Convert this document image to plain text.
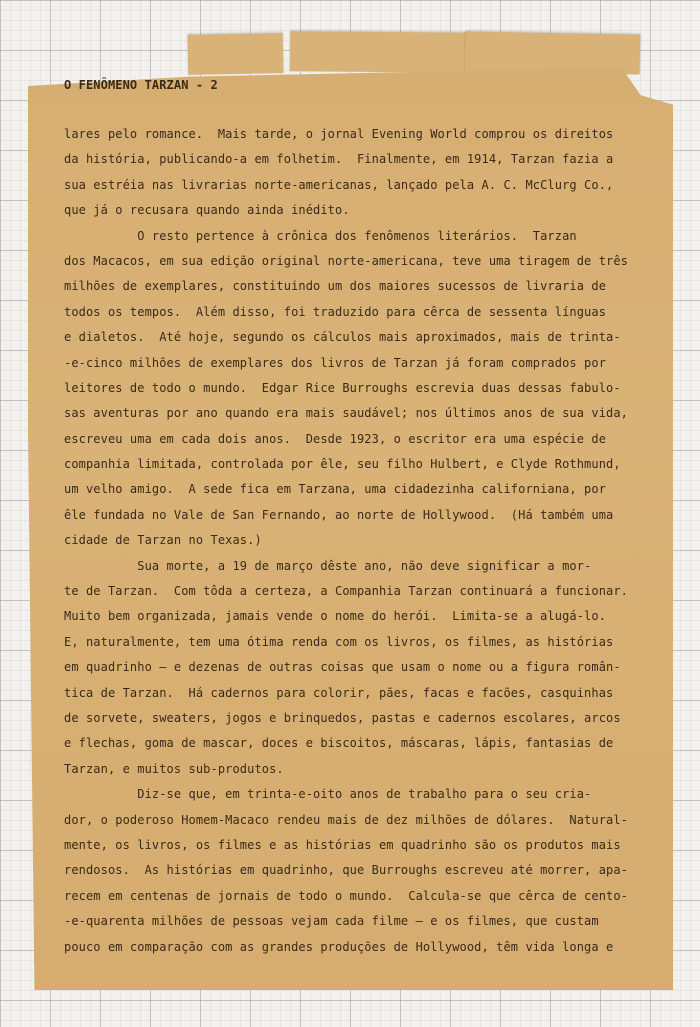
O FENÔMENO TARZAN - 2
lares pelo romance.  Mais tarde, o jornal Evening World comprou os direitos
da história, publicando-a em folhetim.  Finalmente, em 1914, Tarzan fazia a
sua estréia nas livrarias norte-americanas, lançado pela A. C. McClurg Co.,
que já o recusara quando ainda inédito.
O resto pertence à crônica dos fenômenos literários.  Tarzan
dos Macacos, em sua edição original norte-americana, teve uma tiragem de três
milhões de exemplares, constituindo um dos maiores sucessos de livraria de
todos os tempos.  Além disso, foi traduzido para cêrca de sessenta línguas
e dialetos.  Até hoje, segundo os cálculos mais aproximados, mais de trinta-
-e-cinco milhões de exemplares dos livros de Tarzan já foram comprados por
leitores de todo o mundo.  Edgar Rice Burroughs escrevia duas dessas fabulo-
sas aventuras por ano quando era mais saudável; nos últimos anos de sua vida,
escreveu uma em cada dois anos.  Desde 1923, o escritor era uma espécie de
companhia limitada, controlada por êle, seu filho Hulbert, e Clyde Rothmund,
um velho amigo.  A sede fica em Tarzana, uma cidadezinha californiana, por
êle fundada no Vale de San Fernando, ao norte de Hollywood.  (Há também uma
cidade de Tarzan no Texas.)
Sua morte, a 19 de março dêste ano, não deve significar a mor-
te de Tarzan.  Com tôda a certeza, a Companhia Tarzan continuará a funcionar.
Muito bem organizada, jamais vende o nome do herói.  Limita-se a alugá-lo.
E, naturalmente, tem uma ótima renda com os livros, os filmes, as histórias
em quadrinho — e dezenas de outras coisas que usam o nome ou a figura român-
tica de Tarzan.  Há cadernos para colorir, pães, facas e facões, casquinhas
de sorvete, sweaters, jogos e brinquedos, pastas e cadernos escolares, arcos
e flechas, goma de mascar, doces e biscoitos, máscaras, lápis, fantasias de
Tarzan, e muitos sub-produtos.
Diz-se que, em trinta-e-oito anos de trabalho para o seu cria-
dor, o poderoso Homem-Macaco rendeu mais de dez milhões de dólares.  Natural-
mente, os livros, os filmes e as histórias em quadrinho são os produtos mais
rendosos.  As histórias em quadrinho, que Burroughs escreveu até morrer, apa-
recem em centenas de jornais de todo o mundo.  Calcula-se que cêrca de cento-
-e-quarenta milhões de pessoas vejam cada filme — e os filmes, que custam
pouco em comparação com as grandes produções de Hollywood, têm vida longa e
